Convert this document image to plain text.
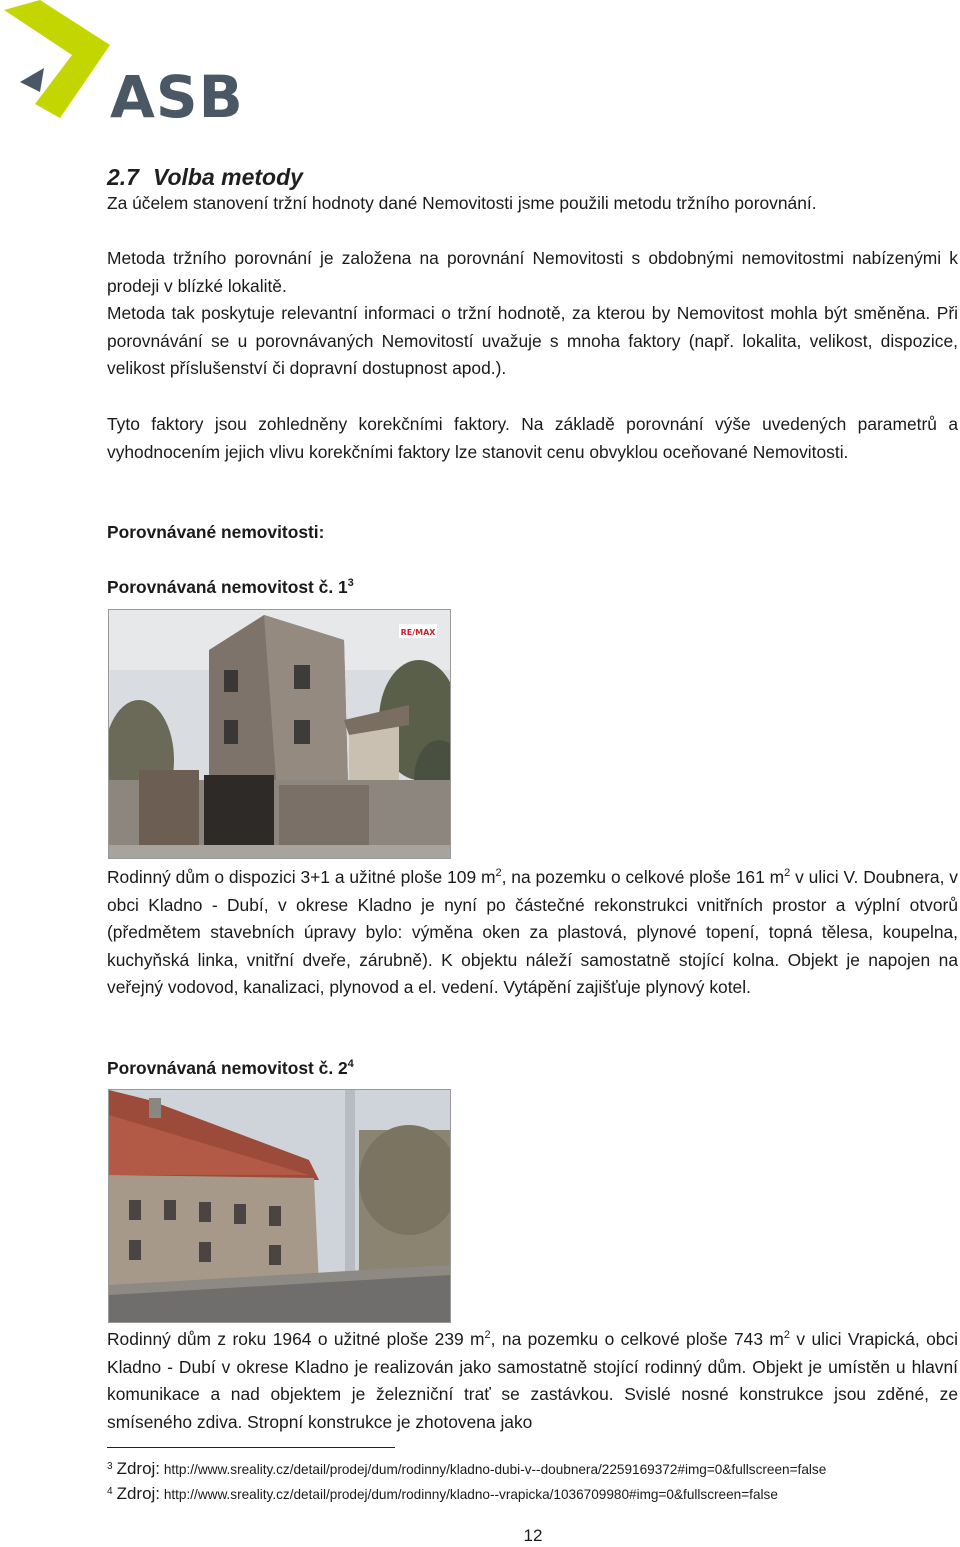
ASB
2.7 Volba metody

Za účelem stanovení tržní hodnoty dané Nemovitosti jsme použili metodu tržního porovnání.

Metoda tržního porovnání je založena na porovnání Nemovitosti s obdobnými nemovitostmi nabízenými k prodeji v blízké lokalitě.

Metoda tak poskytuje relevantní informaci o tržní hodnotě, za kterou by Nemovitost mohla být směněna. Při porovnávání se u porovnávaných Nemovitostí uvažuje s mnoha faktory (např. lokalita, velikost, dispozice, velikost příslušenství či dopravní dostupnost apod.).

Tyto faktory jsou zohledněny korekčními faktory. Na základě porovnání výše uvedených parametrů a vyhodnocením jejich vlivu korekčními faktory lze stanovit cenu obvyklou oceňované Nemovitosti.

Porovnávané nemovitosti:
Porovnávaná nemovitost č. $1^3$
RE/MAX

Rodinný dům o dispozici 3+1 a užitné ploše 109 $m^2$, na pozemku o celkové ploše 161 $m^2$ v ulici V. Doubnera, v obci Kladno - Dubí, v okrese Kladno je nyní po částečné rekonstrukci vnitřních prostor a výplní otvorů (předmětem stavebních úpravy bylo: výměna oken za plastová, plynové topení, topná tělesa, koupelna, kuchyňská linka, vnitřní dveře, zárubně). K objektu náleží samostatně stojící kolna. Objekt je napojen na veřejný vodovod, kanalizaci, plynovod a el. vedení. Vytápění zajišťuje plynový kotel.

Porovnávaná nemovitost č. $2^4$

Rodinný dům z roku 1964 o užitné ploše 239 $m^2$, na pozemku o celkové ploše 743 $m^2$ v ulici Vrapická, obci Kladno - Dubí v okrese Kladno je realizován jako samostatně stojící rodinný dům. Objekt je umístěn u hlavní komunikace a nad objektem je železniční trať se zastávkou. Svislé nosné konstrukce jsou zděné, ze smíseného zdiva. Stropní konstrukce je zhotovena jako

$^3$ Zdroj: http://www.sreality.cz/detail/prodej/dum/rodinny/kladno-dubi-v--doubnera/2259169372#img=0&fullscreen=false
$^4$ Zdroj: http://www.sreality.cz/detail/prodej/dum/rodinny/kladno--vrapicka/1036709980#img=0&fullscreen=false
12
